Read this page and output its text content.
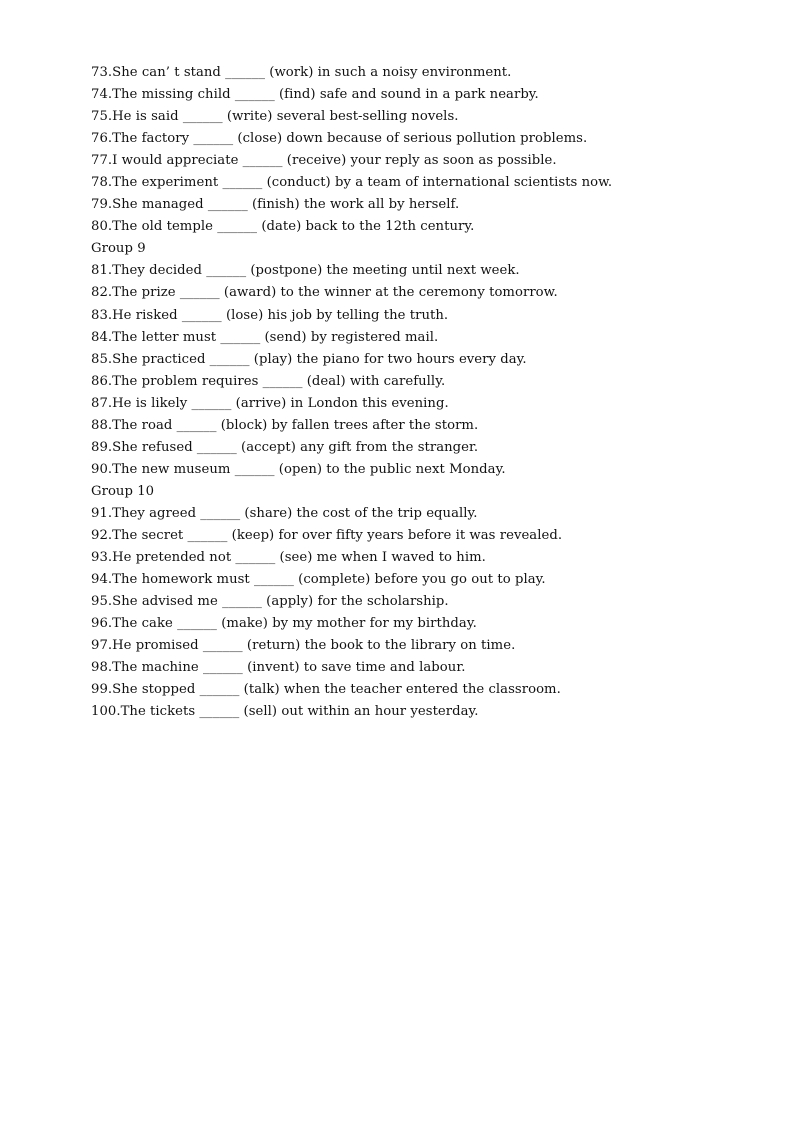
73.She can’ t stand ______ (work) in such a noisy environment.
74.The missing child ______ (find) safe and sound in a park nearby.
75.He is said ______ (write) several best-selling novels.
76.The factory ______ (close) down because of serious pollution problems.
77.I would appreciate ______ (receive) your reply as soon as possible.
78.The experiment ______ (conduct) by a team of international scientists now.
79.She managed ______ (finish) the work all by herself.
80.The old temple ______ (date) back to the 12th century.
Group 9
81.They decided ______ (postpone) the meeting until next week.
82.The prize ______ (award) to the winner at the ceremony tomorrow.
83.He risked ______ (lose) his job by telling the truth.
84.The letter must ______ (send) by registered mail.
85.She practiced ______ (play) the piano for two hours every day.
86.The problem requires ______ (deal) with carefully.
87.He is likely ______ (arrive) in London this evening.
88.The road ______ (block) by fallen trees after the storm.
89.She refused ______ (accept) any gift from the stranger.
90.The new museum ______ (open) to the public next Monday.
Group 10
91.They agreed ______ (share) the cost of the trip equally.
92.The secret ______ (keep) for over fifty years before it was revealed.
93.He pretended not ______ (see) me when I waved to him.
94.The homework must ______ (complete) before you go out to play.
95.She advised me ______ (apply) for the scholarship.
96.The cake ______ (make) by my mother for my birthday.
97.He promised ______ (return) the book to the library on time.
98.The machine ______ (invent) to save time and labour.
99.She stopped ______ (talk) when the teacher entered the classroom.
100.The tickets ______ (sell) out within an hour yesterday.
